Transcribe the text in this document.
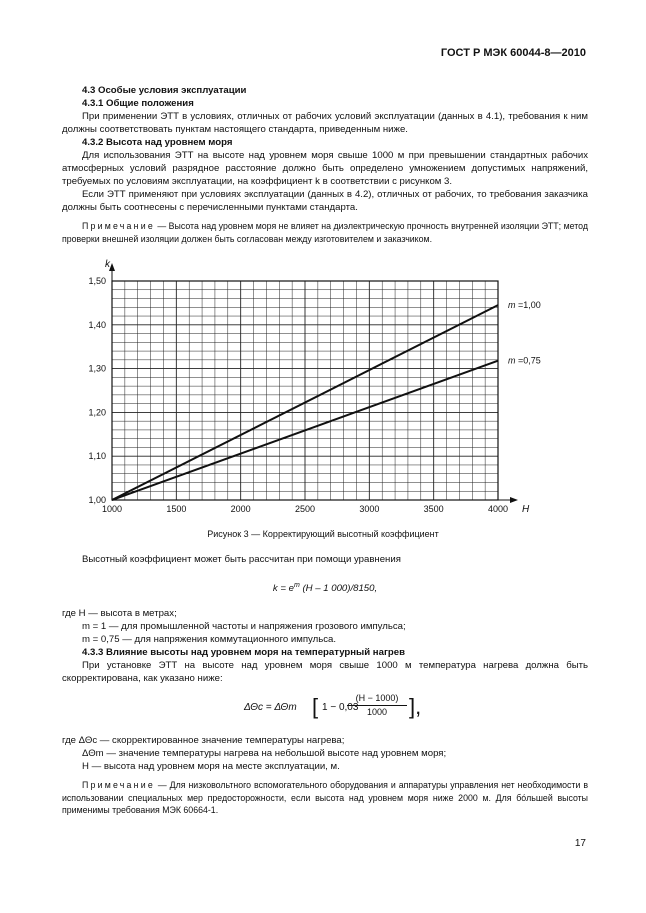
ГОСТ Р МЭК 60044-8—2010
4.3 Особые условия эксплуатации
4.3.1 Общие положения
При применении ЭТТ в условиях, отличных от рабочих условий эксплуатации (данных в 4.1), требования к ним должны соответствовать пунктам настоящего стандарта, приведенным ниже.
4.3.2 Высота над уровнем моря
Для использования ЭТТ на высоте над уровнем моря свыше 1000 м при превышении стандартных рабочих атмосферных условий разрядное расстояние должно быть определено умножением допустимых напряжений, требуемых по условиям эксплуатации, на коэффициент k в соответствии с рисунком 3.
Если ЭТТ применяют при условиях эксплуатации (данных в 4.2), отличных от рабочих, то требования заказчика должны быть соотнесены с перечисленными пунктами стандарта.
Примечание — Высота над уровнем моря не влияет на диэлектрическую прочность внутренней изоляции ЭТТ; метод проверки внешней изоляции должен быть согласован между изготовителем и заказчиком.
1000	1500	2000	2500	3000	3500	4000
1,00
1,10
1,20
1,30
1,40
1,50
k
H
m =1,00
m =0,75
Рисунок 3 — Корректирующий высотный коэффициент
Высотный коэффициент может быть рассчитан при помощи уравнения
$k = e^m$ (H – 1 000)/8150,
где H — высота в метрах;
m = 1 — для промышленной частоты и напряжения грозового импульса;
m = 0,75 — для напряжения коммутационного импульса.
4.3.3 Влияние высоты над уровнем моря на температурный нагрев
При установке ЭТТ на высоте над уровнем моря свыше 1000 м температура нагрева должна быть скорректирована, как указано ниже:
ΔΘc = ΔΘm [ 1 − 0,03
(H − 1000)
1000 ],
где ΔΘc — скорректированное значение температуры нагрева;
ΔΘm — значение температуры нагрева на небольшой высоте над уровнем моря;
H — высота над уровнем моря на месте эксплуатации, м.
Примечание — Для низковольтного вспомогательного оборудования и аппаратуры управления нет необходимости в использовании специальных мер предосторожности, если высота над уровнем моря ниже 2000 м. Для бо́льшей высоты применимы требования МЭК 60664-1.
17
